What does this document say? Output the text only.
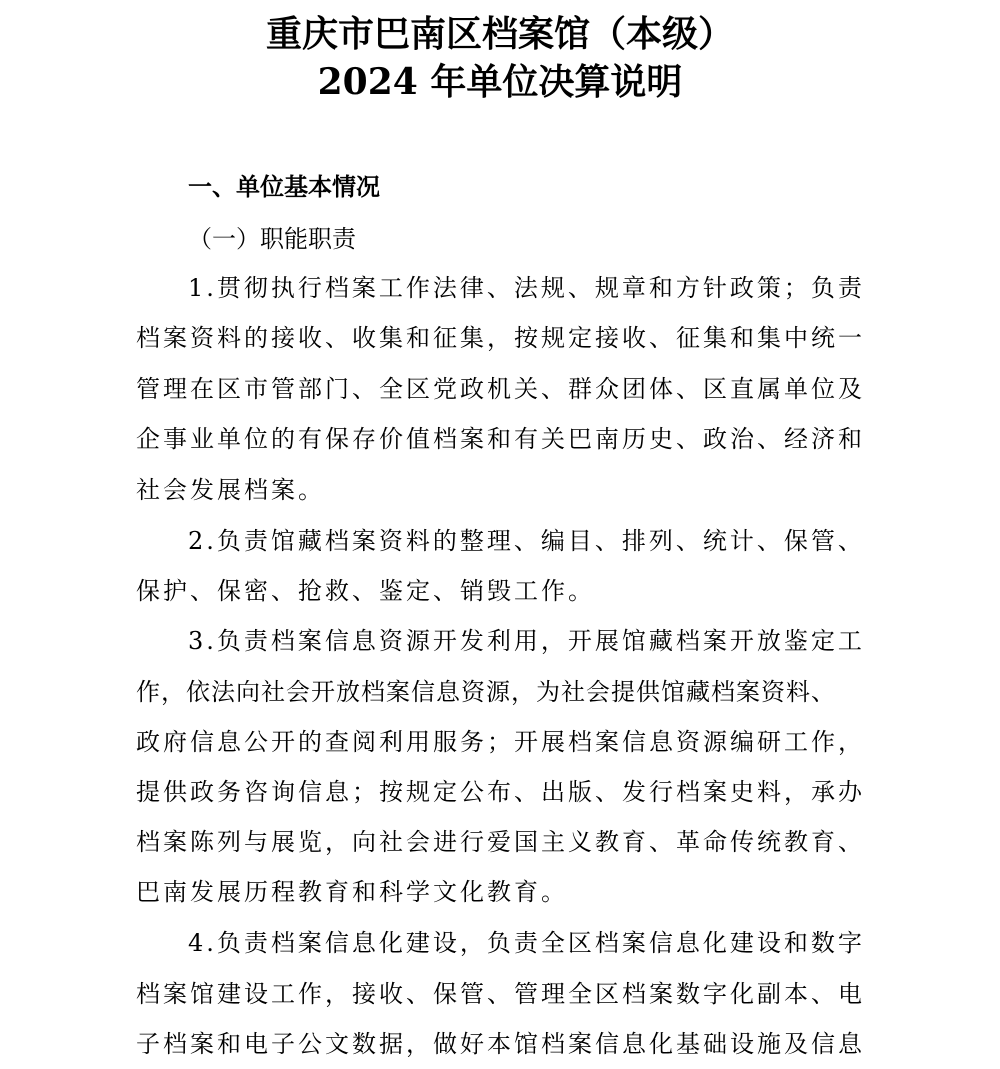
重庆市巴南区档案馆（本级）
2024 年单位决算说明
一、单位基本情况
（一）职能职责
1.贯彻执行档案工作法律、法规、规章和方针政策；负责
档案资料的接收、收集和征集，按规定接收、征集和集中统一
管理在区市管部门、全区党政机关、群众团体、区直属单位及
企事业单位的有保存价值档案和有关巴南历史、政治、经济和
社会发展档案。
2.负责馆藏档案资料的整理、编目、排列、统计、保管、
保护、保密、抢救、鉴定、销毁工作。
3.负责档案信息资源开发利用，开展馆藏档案开放鉴定工
作，依法向社会开放档案信息资源，为社会提供馆藏档案资料、
政府信息公开的查阅利用服务；开展档案信息资源编研工作，
提供政务咨询信息；按规定公布、出版、发行档案史料，承办
档案陈列与展览，向社会进行爱国主义教育、革命传统教育、
巴南发展历程教育和科学文化教育。
4.负责档案信息化建设，负责全区档案信息化建设和数字
档案馆建设工作，接收、保管、管理全区档案数字化副本、电
子档案和电子公文数据，做好本馆档案信息化基础设施及信息
